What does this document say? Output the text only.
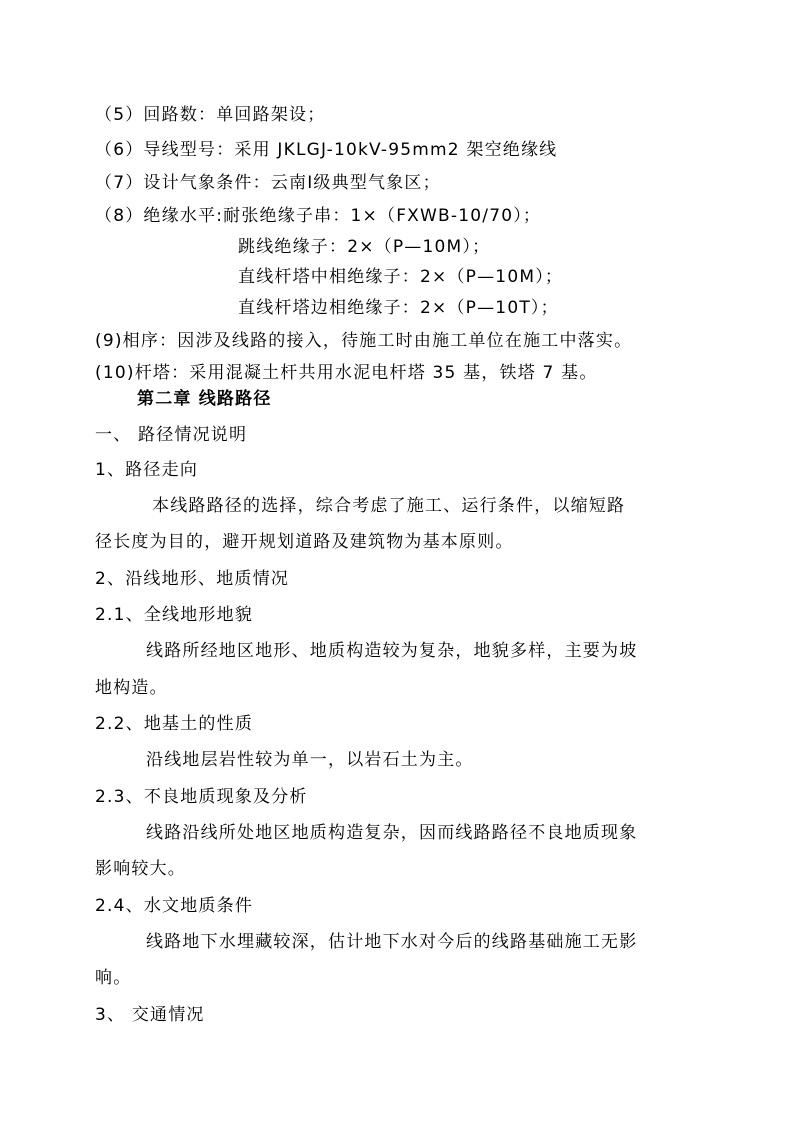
（5）回路数：单回路架设；
（6）导线型号：采用 JKLGJ-10kV-95mm2 架空绝缘线
（7）设计气象条件：云南Ⅰ级典型气象区；
（8）绝缘水平:耐张绝缘子串：1×（FXWB-10/70）；
跳线绝缘子：2×（P—10M）；
直线杆塔中相绝缘子：2×（P—10M）；
直线杆塔边相绝缘子：2×（P—10T）；
(9)相序：因涉及线路的接入，待施工时由施工单位在施工中落实。
(10)杆塔：采用混凝土杆共用水泥电杆塔 35 基，铁塔 7 基。
第二章 线路路径
一、 路径情况说明
1、路径走向
本线路路径的选择，综合考虑了施工、运行条件，以缩短路
径长度为目的，避开规划道路及建筑物为基本原则。
2、沿线地形、地质情况
2.1、全线地形地貌
线路所经地区地形、地质构造较为复杂，地貌多样，主要为坡
地构造。
2.2、地基土的性质
沿线地层岩性较为单一，以岩石土为主。
2.3、不良地质现象及分析
线路沿线所处地区地质构造复杂，因而线路路径不良地质现象
影响较大。
2.4、水文地质条件
线路地下水埋藏较深，估计地下水对今后的线路基础施工无影
响。
3、 交通情况
